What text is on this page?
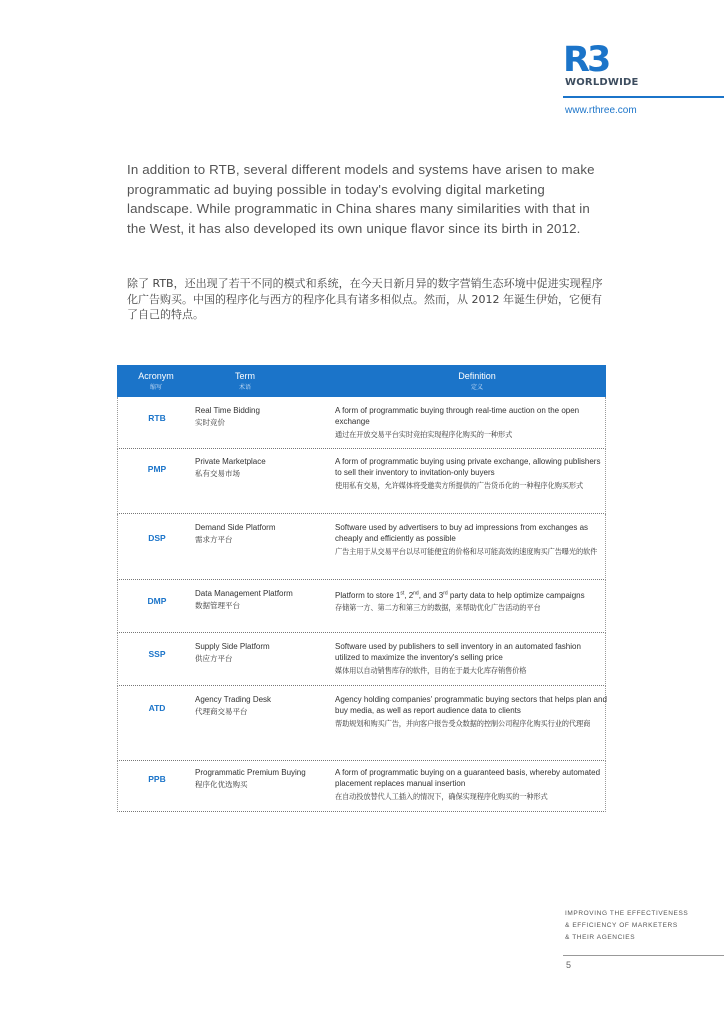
R3
WORLDWIDE
www.rthree.com

In addition to RTB, several different models and systems have arisen to make programmatic ad buying possible in today's evolving digital marketing landscape. While programmatic in China shares many similarities with that in the West, it has also developed its own unique flavor since its birth in 2012.

除了 RTB，还出现了若干不同的模式和系统，在今天日新月异的数字营销生态环境中促进实现程序化广告购买。中国的程序化与西方的程序化具有诸多相似点。然而，从 2012 年诞生伊始，它便有了自己的特点。

Acronym
缩写
Term
术语
Definition
定义
RTB
Real Time Bidding
实时竞价
A form of programmatic buying through real-time auction on the open exchange
通过在开放交易平台实时竞拍实现程序化购买的一种形式
PMP
Private Marketplace
私有交易市场
A form of programmatic buying using private exchange, allowing publishers to sell their inventory to invitation-only buyers
使用私有交易，允许媒体将受邀卖方所提供的广告货币化的一种程序化购买形式
DSP
Demand Side Platform
需求方平台
Software used by advertisers to buy ad impressions from exchanges as cheaply and efficiently as possible
广告主用于从交易平台以尽可能便宜的价格和尽可能高效的速度购买广告曝光的软件
DMP
Data Management Platform
数据管理平台
Platform to store 1st, 2nd, and 3rd party data to help optimize campaigns
存储第一方、第二方和第三方的数据，来帮助优化广告活动的平台
SSP
Supply Side Platform
供应方平台
Software used by publishers to sell inventory in an automated fashion utilized to maximize the inventory's selling price
媒体用以自动销售库存的软件，目的在于最大化库存销售价格
ATD
Agency Trading Desk
代理商交易平台
Agency holding companies' programmatic buying sectors that helps plan and buy media, as well as report audience data to clients
帮助规划和购买广告，并向客户报告受众数据的控制公司程序化购买行业的代理商
PPB
Programmatic Premium Buying
程序化优选购买
A form of programmatic buying on a guaranteed basis, whereby automated placement replaces manual insertion
在自动投放替代人工插入的情况下，确保实现程序化购买的一种形式
IMPROVING THE EFFECTIVENESS
& EFFICIENCY OF MARKETERS
& THEIR AGENCIES
5
